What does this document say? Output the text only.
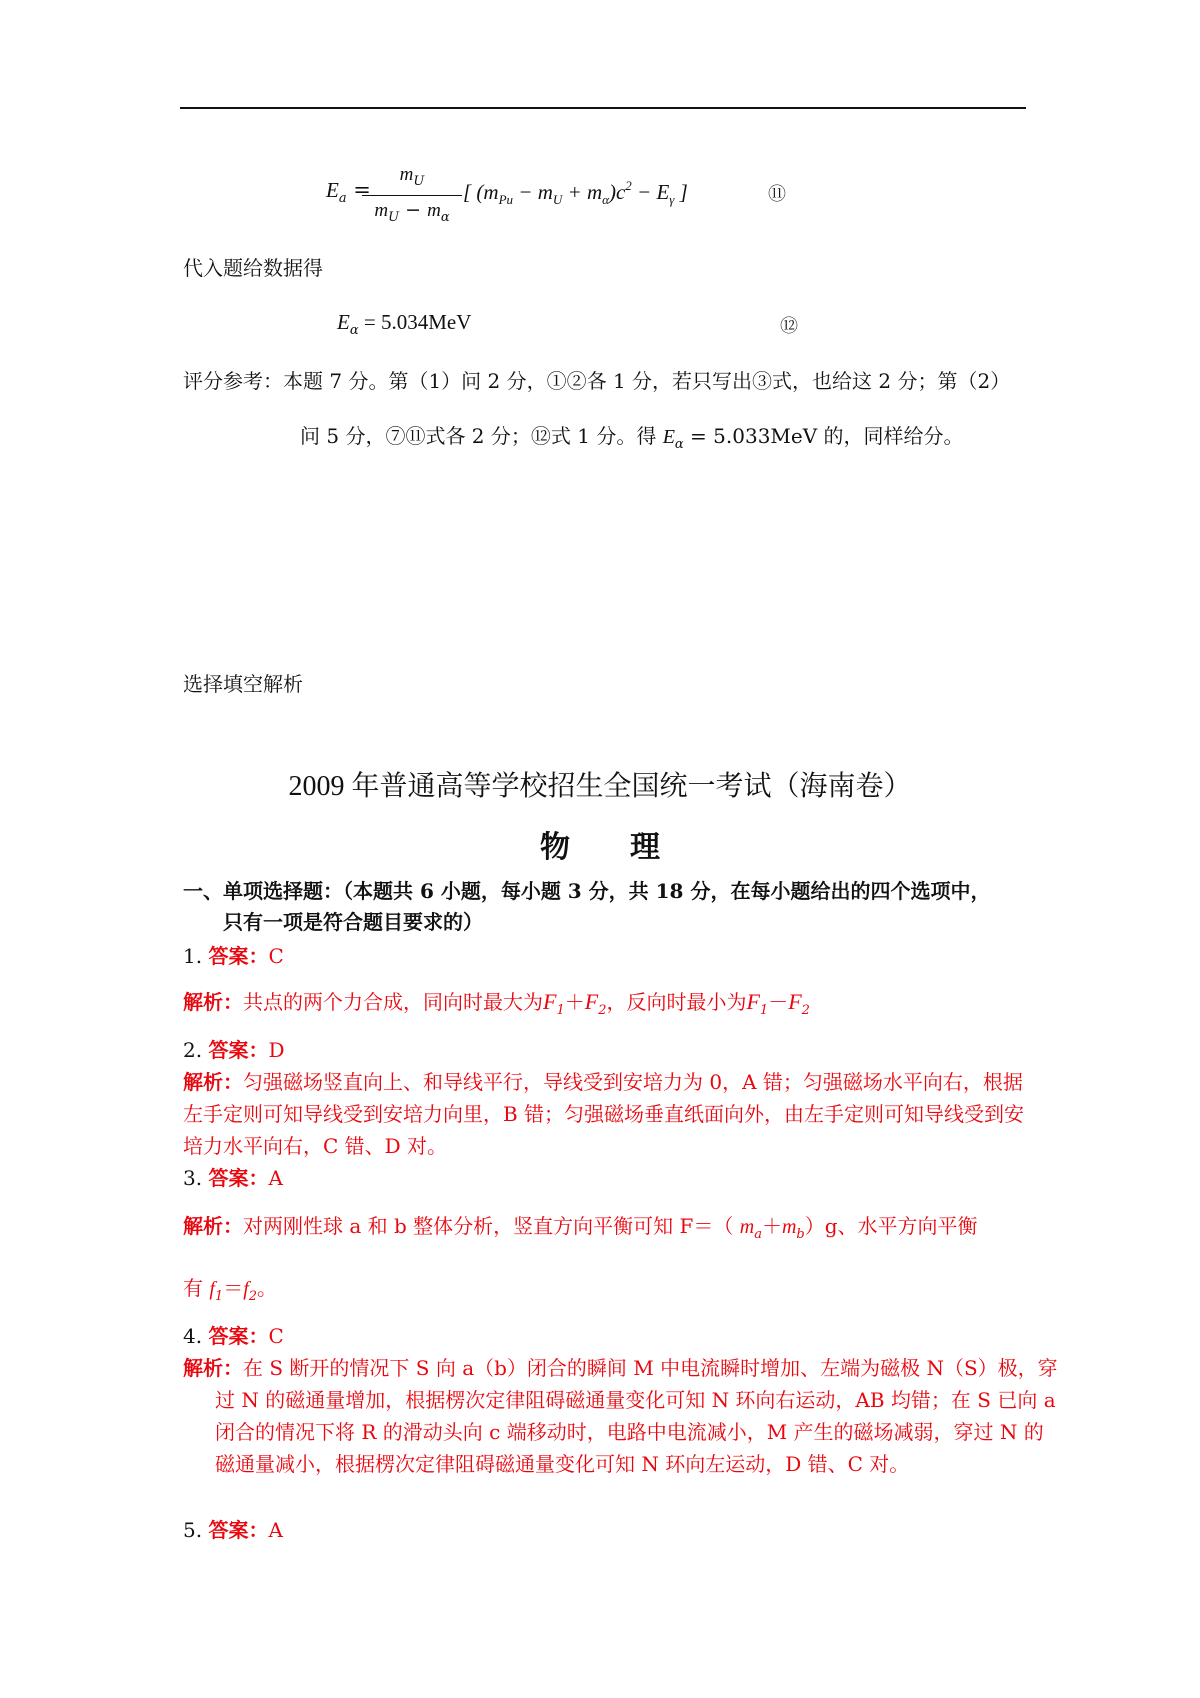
$E_a$ =
$m_U$
$m_U - m_\alpha$
[ $(m_{Pu} - m_U + m_\alpha)c^2 - E_\gamma$ ]	⑪
代入题给数据得
$E_\alpha = 5.034MeV$	⑫
评分参考：本题 7 分。第（1）问 2 分，①②各 1 分，若只写出③式，也给这 2 分；第（2）
问 5 分，⑦⑪式各 2 分；⑫式 1 分。得 $E_\alpha = 5.033MeV$ 的，同样给分。
选择填空解析
2009 年普通高等学校招生全国统一考试（海南卷）
物　　理
一、单项选择题：（本题共 6 小题，每小题 3 分，共 18 分，在每小题给出的四个选项中，
只有一项是符合题目要求的）
1. 答案：C
解析：共点的两个力合成，同向时最大为$F_1+F_2$，反向时最小为$F_1-F_2$
2. 答案：D
解析：匀强磁场竖直向上、和导线平行，导线受到安培力为 0，A 错；匀强磁场水平向右，根据左手定则可知导线受到安培力向里，B 错；匀强磁场垂直纸面向外，由左手定则可知导线受到安培力水平向右，C 错、D 对。
3. 答案：A
解析：对两刚性球 a 和 b 整体分析，竖直方向平衡可知 F＝（ $m_a+m_b)g$、水平方向平衡
有 $f_1=f_2$。
4. 答案：C
解析：在 S 断开的情况下 S 向 a（b）闭合的瞬间 M 中电流瞬时增加、左端为磁极 N（S）极，穿过 N 的磁通量增加，根据楞次定律阻碍磁通量变化可知 N 环向右运动，AB 均错；在 S 已向 a 闭合的情况下将 R 的滑动头向 c 端移动时，电路中电流减小，M 产生的磁场减弱，穿过 N 的磁通量减小，根据楞次定律阻碍磁通量变化可知 N 环向左运动，D 错、C 对。
5. 答案：A
